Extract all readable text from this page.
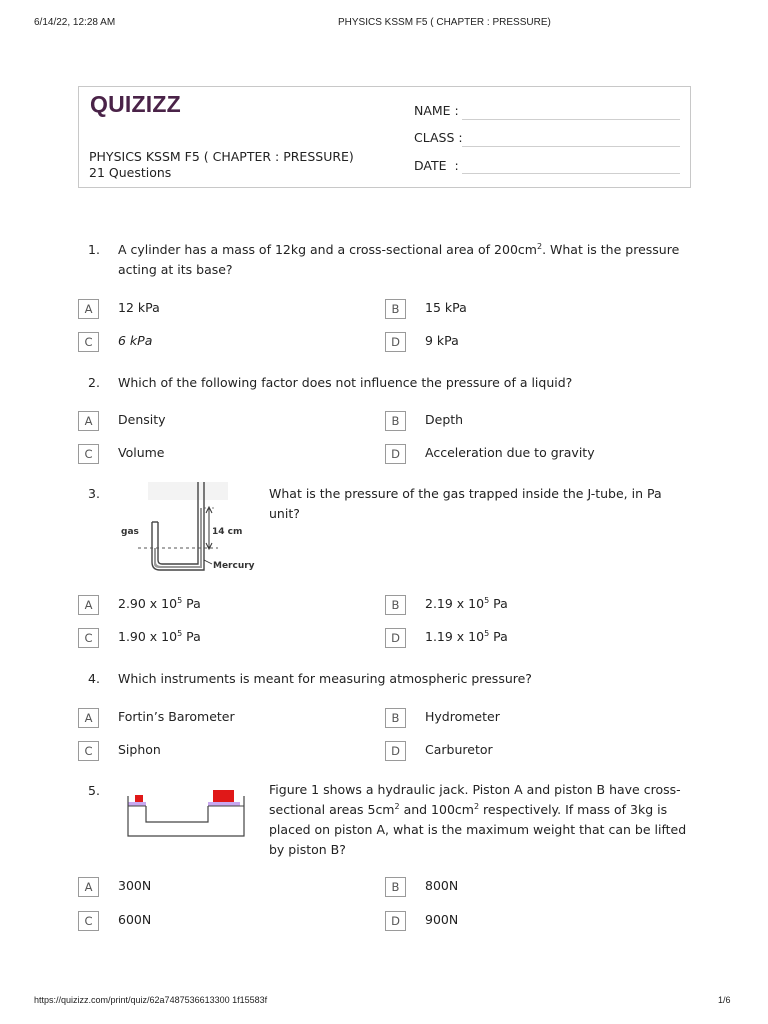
6/14/22, 12:28 AM	PHYSICS KSSM F5 ( CHAPTER : PRESSURE)
QUIZIZZ
PHYSICS KSSM F5 ( CHAPTER : PRESSURE)
21 Questions
NAME :
CLASS :
DATE  :
1. A cylinder has a mass of 12kg and a cross-sectional area of $200cm^2$. What is the pressure acting at its base?
A	12 kPa	B	15 kPa
C	6 kPa	D	9 kPa
2. Which of the following factor does not influence the pressure of a liquid?
A	Density	B	Depth
C	Volume	D	Acceleration due to gravity
3.
gas	14 cm
Mercury
What is the pressure of the gas trapped inside the J-tube, in Pa unit?
A	2.90 x $10^5$ Pa	B	2.19 x $10^5$ Pa
C	1.90 x $10^5$ Pa	D	1.19 x $10^5$ Pa
4. Which instruments is meant for measuring atmospheric pressure?
A	Fortin’s Barometer	B	Hydrometer
C	Siphon	D	Carburetor
5.	Figure 1 shows a hydraulic jack. Piston A and piston B have cross-sectional areas $5cm^2$ and $100cm^2$ respectively. If mass of 3kg is placed on piston A, what is the maximum weight that can be lifted by piston B?
A	300N	B	800N
C	600N	D	900N
https://quizizz.com/print/quiz/62a7487536613300 1f15583f	1/6
